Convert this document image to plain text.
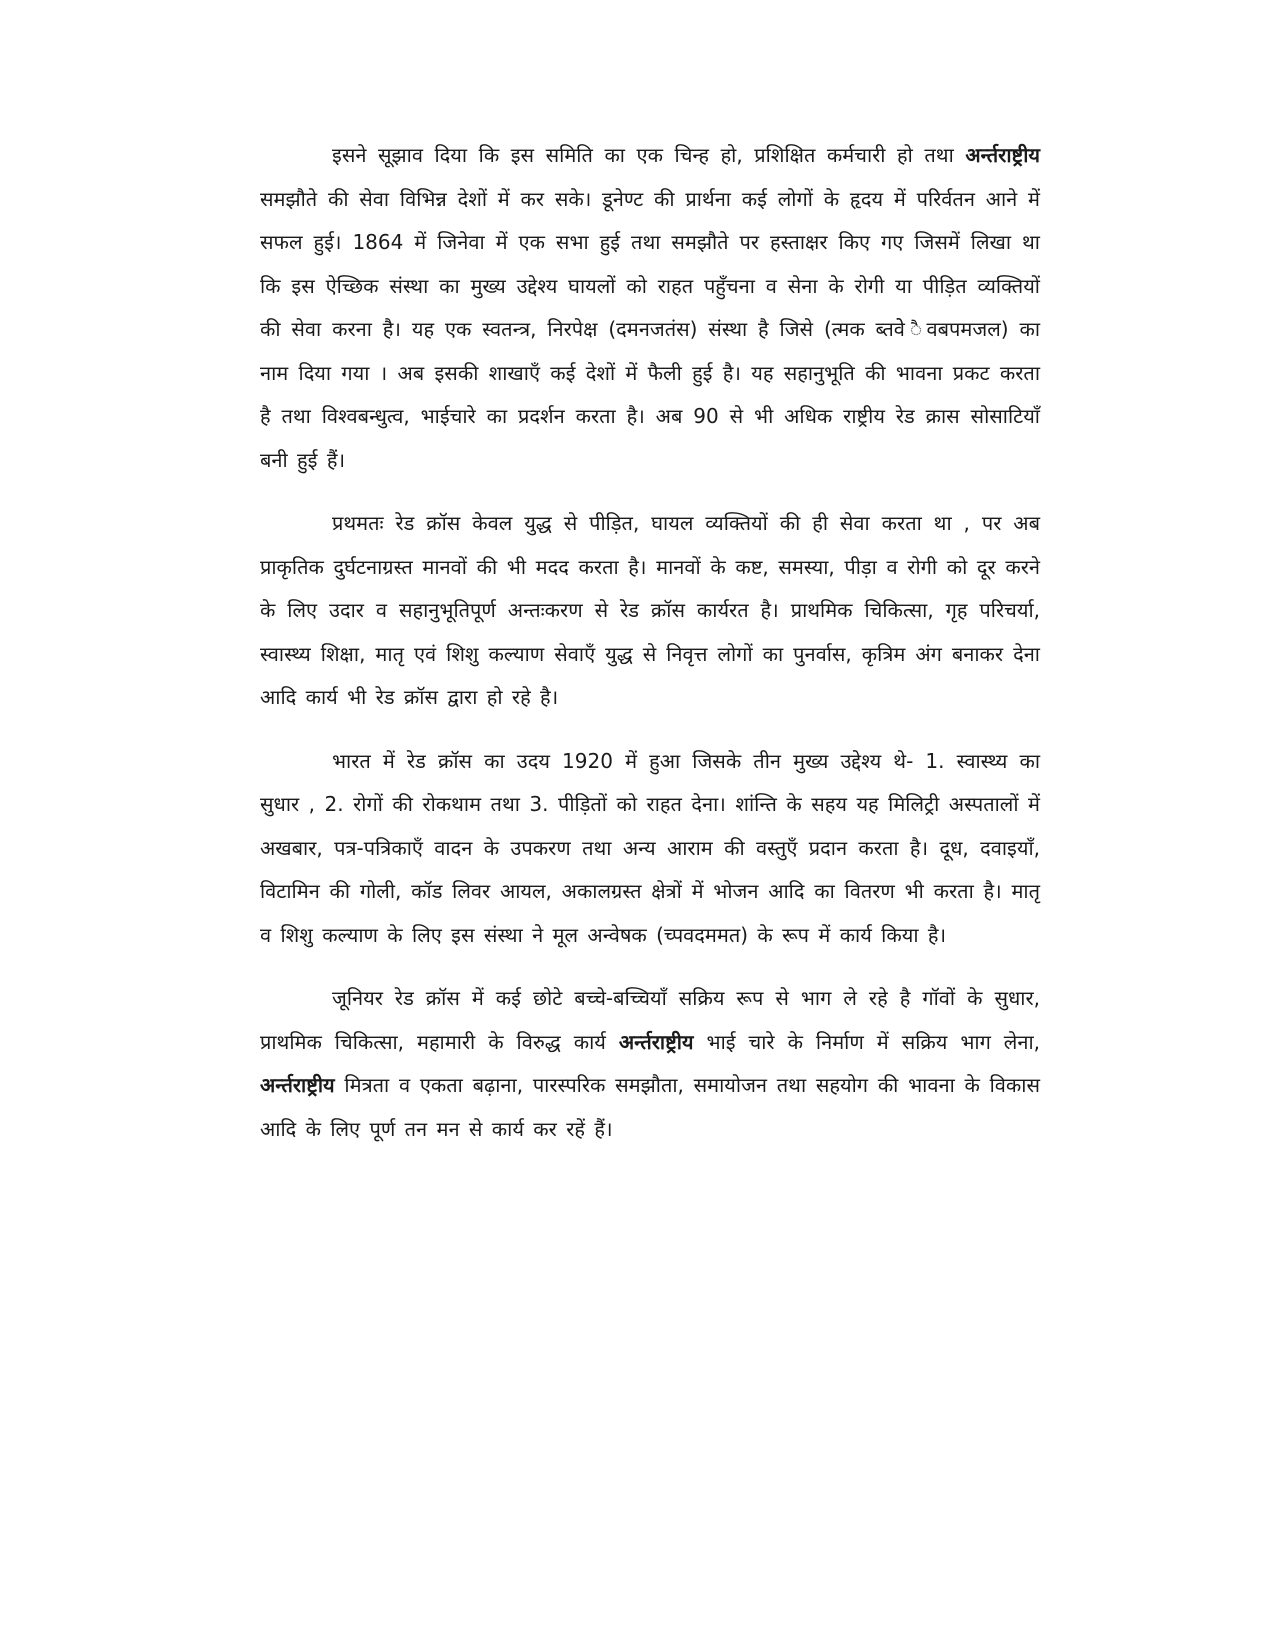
इसने सूझाव दिया कि इस समिति का एक चिन्ह हो, प्रशिक्षित कर्मचारी हो तथा अर्न्तराष्ट्रीय समझौते की सेवा विभिन्न देशों में कर सके। डूनेण्ट की प्रार्थना कई लोगों के हृदय में परिर्वतन आने में सफल हुई। 1864 में जिनेवा में एक सभा हुई तथा समझौते पर हस्ताक्षर किए गए जिसमें लिखा था कि इस ऐच्छिक संस्था का मुख्य उद्देश्य घायलों को राहत पहुँचना व सेना के रोगी या पीड़ित व्यक्तियों की सेवा करना है। यह एक स्वतन्त्र, निरपेक्ष (दमनजतंस) संस्था है जिसे (त्मक ब्तवेे ैवबपमजल) का नाम दिया गया । अब इसकी शाखाएँ कई देशों में फैली हुई है। यह सहानुभूति की भावना प्रकट करता है तथा विश्वबन्धुत्व, भाईचारे का प्रदर्शन करता है। अब 90 से भी अधिक राष्ट्रीय रेड क्रास सोसाटियाँ बनी हुई हैं।

प्रथमतः रेड क्रॉस केवल युद्ध से पीड़ित, घायल व्यक्तियों की ही सेवा करता था , पर अब प्राकृतिक दुर्घटनाग्रस्त मानवों की भी मदद करता है। मानवों के कष्ट, समस्या, पीड़ा व रोगी को दूर करने के लिए उदार व सहानुभूतिपूर्ण अन्तःकरण से रेड क्रॉस कार्यरत है। प्राथमिक चिकित्सा, गृह परिचर्या, स्वास्थ्य शिक्षा, मातृ एवं शिशु कल्याण सेवाएँ युद्ध से निवृत्त लोगों का पुनर्वास, कृत्रिम अंग बनाकर देना आदि कार्य भी रेड क्रॉस द्वारा हो रहे है।

भारत में रेड क्रॉस का उदय 1920 में हुआ जिसके तीन मुख्य उद्देश्य थे- 1. स्वास्थ्य का सुधार , 2. रोगों की रोकथाम तथा 3. पीड़ितों को राहत देना। शांन्ति के सहय यह मिलिट्री अस्पतालों में अखबार, पत्र-पत्रिकाएँ वादन के उपकरण तथा अन्य आराम की वस्तुएँ प्रदान करता है। दूध, दवाइयाँ, विटामिन की गोली, कॉड लिवर आयल, अकालग्रस्त क्षेत्रों में भोजन आदि का वितरण भी करता है। मातृ व शिशु कल्याण के लिए इस संस्था ने मूल अन्वेषक (च्पवदममत) के रूप में कार्य किया है।

जूनियर रेड क्रॉस में कई छोटे बच्चे-बच्चियाँ सक्रिय रूप से भाग ले रहे है गॉवों के सुधार, प्राथमिक चिकित्सा, महामारी के विरुद्ध कार्य अर्न्तराष्ट्रीय भाई चारे के निर्माण में सक्रिय भाग लेना, अर्न्तराष्ट्रीय मित्रता व एकता बढ़ाना, पारस्परिक समझौता, समायोजन तथा सहयोग की भावना के विकास आदि के लिए पूर्ण तन मन से कार्य कर रहें हैं।
